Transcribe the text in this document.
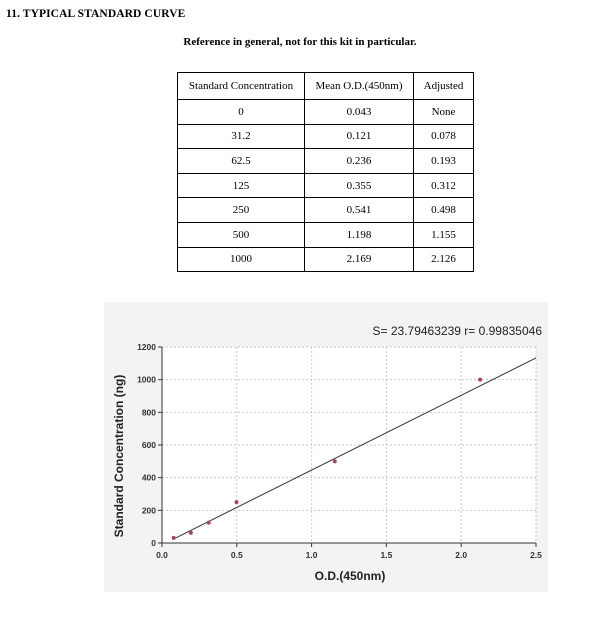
11. TYPICAL STANDARD CURVE
Reference in general, not for this kit in particular.
Standard Concentration	Mean O.D.(450nm)	Adjusted
0	0.043	None
31.2	0.121	0.078
62.5	0.236	0.193
125	0.355	0.312
250	0.541	0.498
500	1.198	1.155
1000	2.169	2.126
0
200
400
600
800
1000
1200
0.0	0.5	1.0	1.5	2.0	2.5
S= 23.79463239 r= 0.99835046
O.D.(450nm)
Standard Concentration (ng)
